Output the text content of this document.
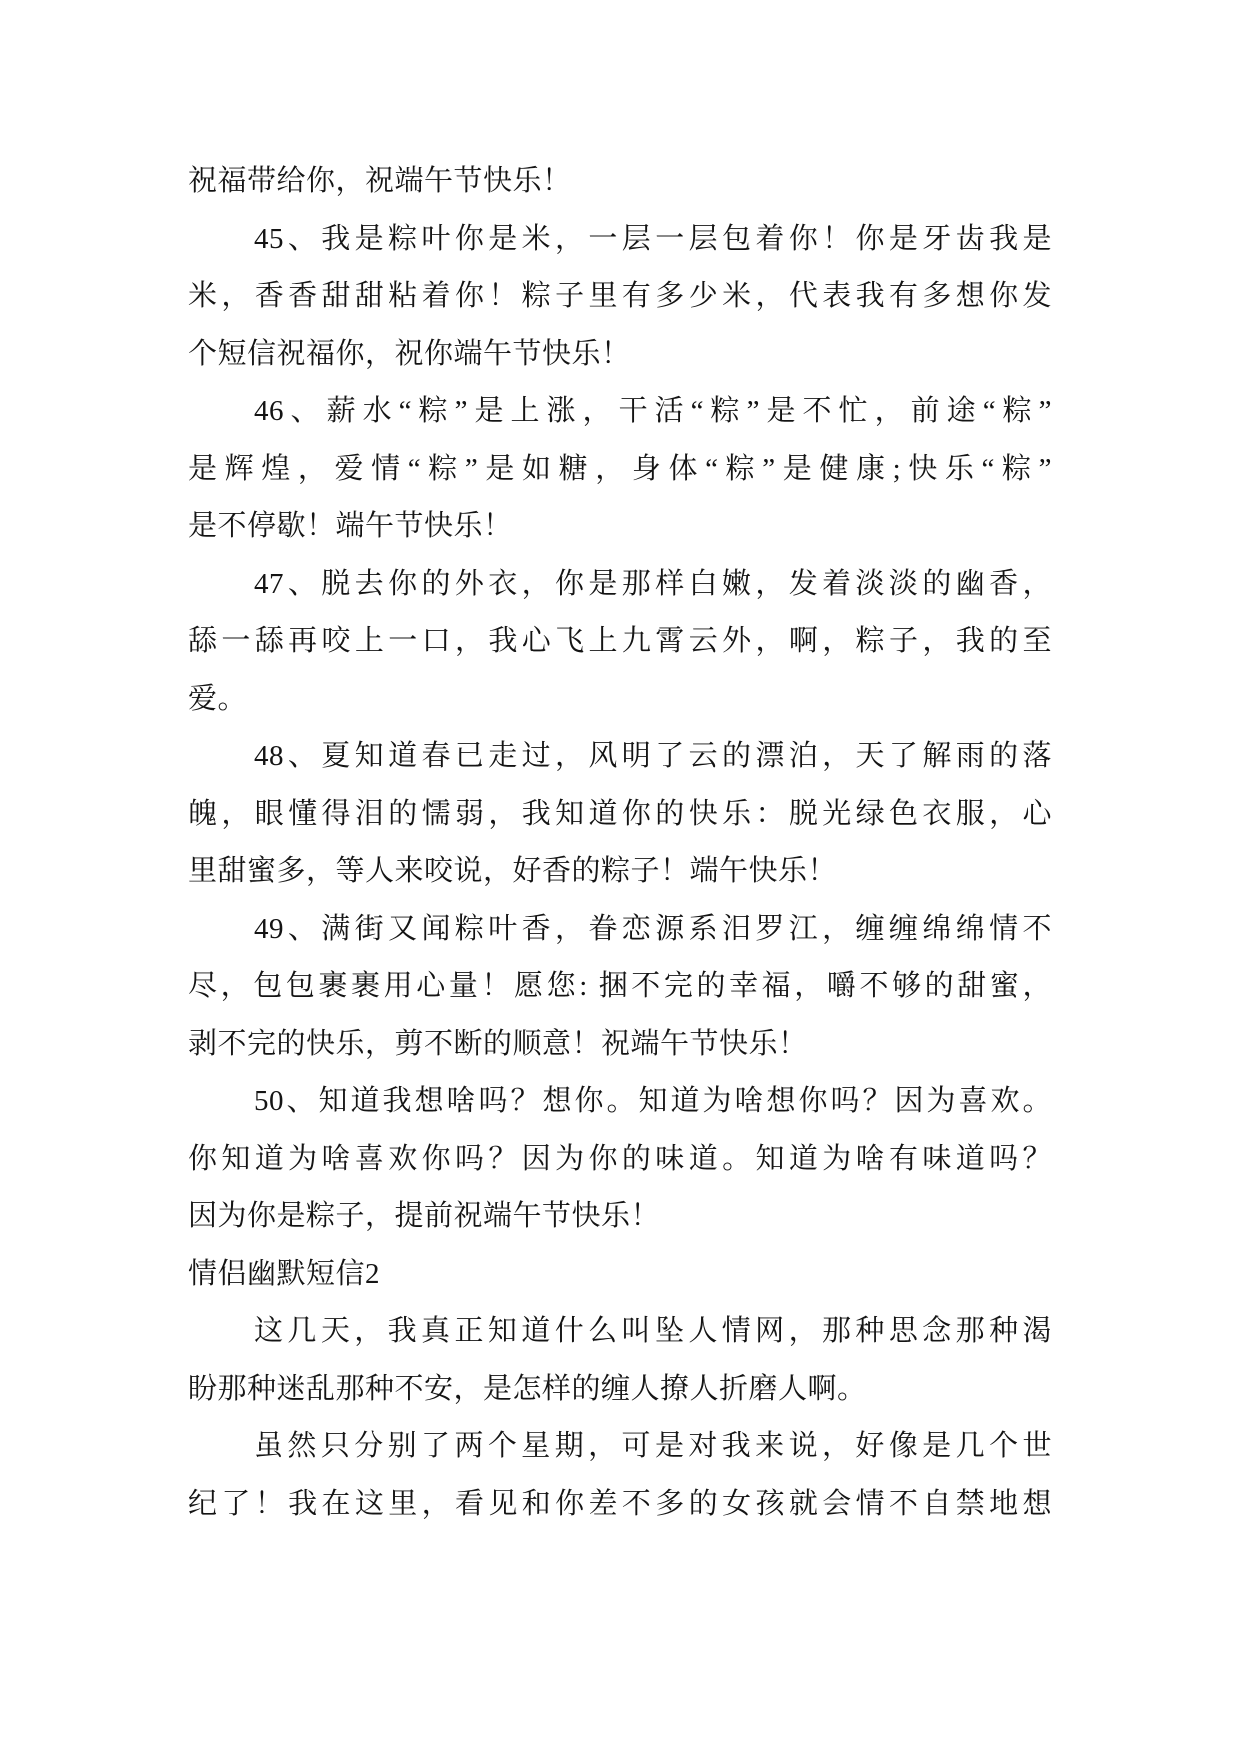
祝福带给你，祝端午节快乐！
45、我是粽叶你是米，一层一层包着你！你是牙齿我是
米，香香甜甜粘着你！粽子里有多少米，代表我有多想你发
个短信祝福你，祝你端午节快乐！
46、薪水“粽”是上涨，干活“粽”是不忙，前途“粽”
是辉煌，爱情“粽”是如糖，身体“粽”是健康;快乐“粽”
是不停歇！端午节快乐！
47、脱去你的外衣，你是那样白嫩，发着淡淡的幽香，
舔一舔再咬上一口，我心飞上九霄云外，啊，粽子，我的至
爱。
48、夏知道春已走过，风明了云的漂泊，天了解雨的落
魄，眼懂得泪的懦弱，我知道你的快乐：脱光绿色衣服，心
里甜蜜多，等人来咬说，好香的粽子！端午快乐！
49、满街又闻粽叶香，眷恋源系汨罗江，缠缠绵绵情不
尽，包包裹裹用心量！愿您: 捆不完的幸福，嚼不够的甜蜜，
剥不完的快乐，剪不断的顺意！祝端午节快乐！
50、知道我想啥吗？想你。知道为啥想你吗？因为喜欢。
你知道为啥喜欢你吗？因为你的味道。知道为啥有味道吗？
因为你是粽子，提前祝端午节快乐！
情侣幽默短信2
这几天，我真正知道什么叫坠人情网，那种思念那种渴
盼那种迷乱那种不安，是怎样的缠人撩人折磨人啊。
虽然只分别了两个星期，可是对我来说，好像是几个世
纪了！我在这里，看见和你差不多的女孩就会情不自禁地想
